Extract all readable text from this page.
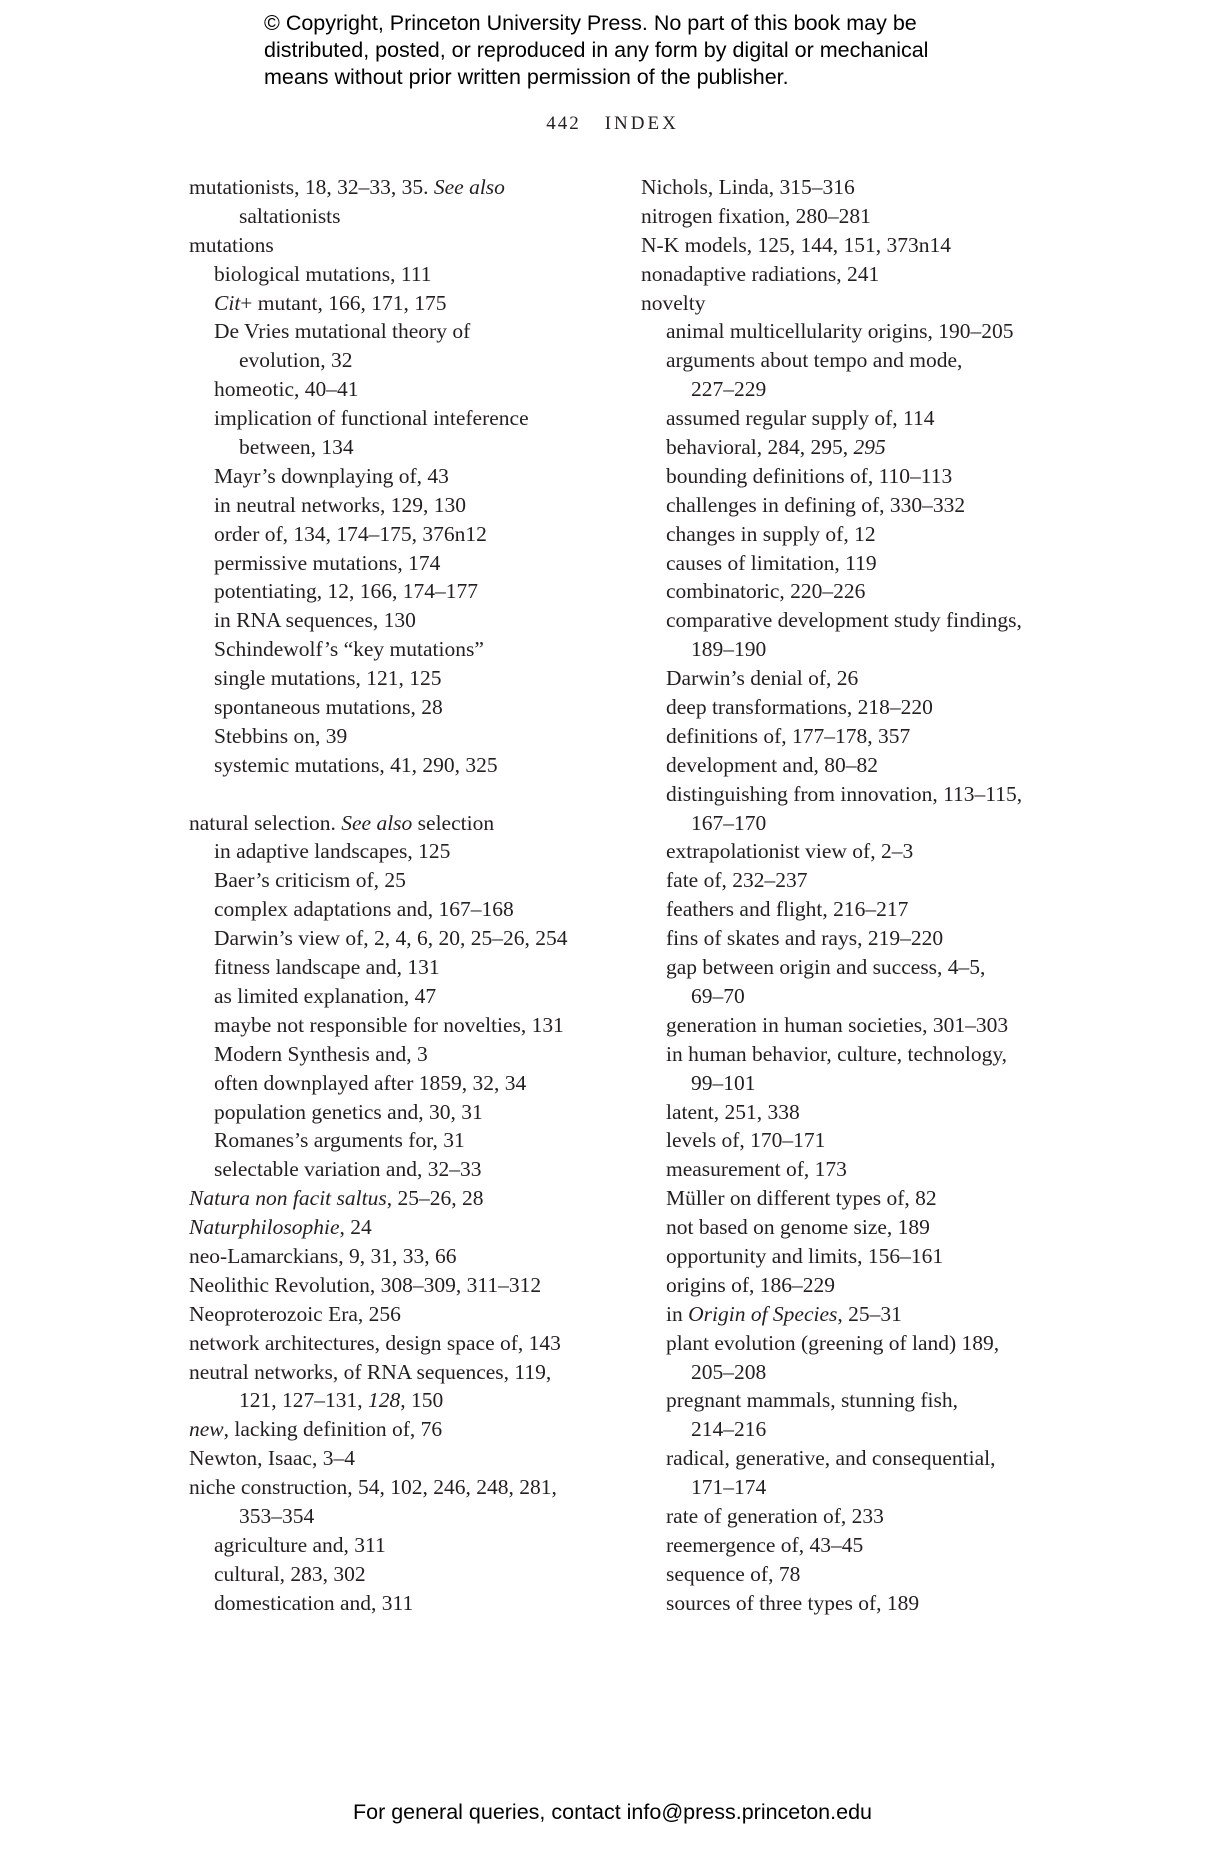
© Copyright, Princeton University Press. No part of this book may be
distributed, posted, or reproduced in any form by digital or mechanical
means without prior written permission of the publisher.
442 INDEX
mutationists, 18, 32–33, 35. See also
saltationists
mutations
biological mutations, 111
Cit+ mutant, 166, 171, 175
De Vries mutational theory of
evolution, 32
homeotic, 40–41
implication of functional inteference
between, 134
Mayr’s downplaying of, 43
in neutral networks, 129, 130
order of, 134, 174–175, 376n12
permissive mutations, 174
potentiating, 12, 166, 174–177
in RNA sequences, 130
Schindewolf’s “key mutations”
single mutations, 121, 125
spontaneous mutations, 28
Stebbins on, 39
systemic mutations, 41, 290, 325
natural selection. See also selection
in adaptive landscapes, 125
Baer’s criticism of, 25
complex adaptations and, 167–168
Darwin’s view of, 2, 4, 6, 20, 25–26, 254
fitness landscape and, 131
as limited explanation, 47
maybe not responsible for novelties, 131
Modern Synthesis and, 3
often downplayed after 1859, 32, 34
population genetics and, 30, 31
Romanes’s arguments for, 31
selectable variation and, 32–33
Natura non facit saltus, 25–26, 28
Naturphilosophie, 24
neo-Lamarckians, 9, 31, 33, 66
Neolithic Revolution, 308–309, 311–312
Neoproterozoic Era, 256
network architectures, design space of, 143
neutral networks, of RNA sequences, 119,
121, 127–131, 128, 150
new, lacking definition of, 76
Newton, Isaac, 3–4
niche construction, 54, 102, 246, 248, 281,
353–354
agriculture and, 311
cultural, 283, 302
domestication and, 311
Nichols, Linda, 315–316
nitrogen fixation, 280–281
N-K models, 125, 144, 151, 373n14
nonadaptive radiations, 241
novelty
animal multicellularity origins, 190–205
arguments about tempo and mode,
227–229
assumed regular supply of, 114
behavioral, 284, 295, 295
bounding definitions of, 110–113
challenges in defining of, 330–332
changes in supply of, 12
causes of limitation, 119
combinatoric, 220–226
comparative development study findings,
189–190
Darwin’s denial of, 26
deep transformations, 218–220
definitions of, 177–178, 357
development and, 80–82
distinguishing from innovation, 113–115,
167–170
extrapolationist view of, 2–3
fate of, 232–237
feathers and flight, 216–217
fins of skates and rays, 219–220
gap between origin and success, 4–5,
69–70
generation in human societies, 301–303
in human behavior, culture, technology,
99–101
latent, 251, 338
levels of, 170–171
measurement of, 173
Müller on different types of, 82
not based on genome size, 189
opportunity and limits, 156–161
origins of, 186–229
in Origin of Species, 25–31
plant evolution (greening of land) 189,
205–208
pregnant mammals, stunning fish,
214–216
radical, generative, and consequential,
171–174
rate of generation of, 233
reemergence of, 43–45
sequence of, 78
sources of three types of, 189
For general queries, contact info@press.princeton.edu
